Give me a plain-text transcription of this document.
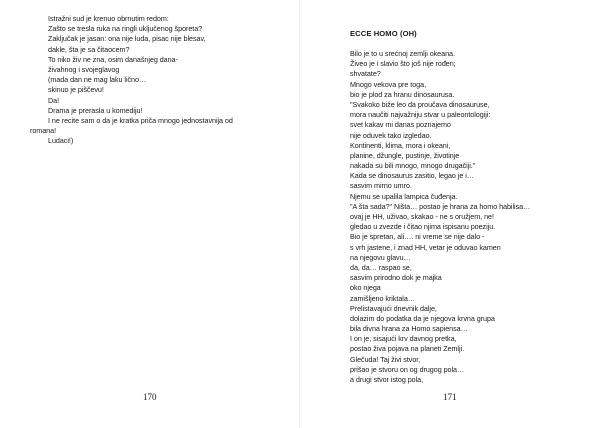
Istražni sud je krenuo obrnutim redom:
Zašto se tresla ruka na ringli uključenog šporeta?
Zaključak je jasan: ona nije luda, pisac nije blesav,
dakle, šta je sa čitaocem?
To niko živ ne zna, osim današnjeg dana-
živahnog i svojeglavog
(mada dan ne mag laku lično…
skinuo je piščevu!
Da!
Drama je prerasla u komediju!
I ne recite sam o da je kratka priča mnogo jednostavnija od
romana!
Ludaci!)
170
ECCE HOMO (OH)
Bilo je to u srećnoj zemlji okeana.
Živeo je i slavio što još nije rođen;
shvatate?
Mnogo vekova pre toga,
bio je plod za hranu dinosaurusa.
"Svakoko biže leo da proučava dinosauruse,
mora naučiti najvažniju stvar u paleontologiji:
svet kakav mi danas poznajemo
nije oduvek tako izgledao.
Kontinenti, klima, mora i okeani,
planine, džungle, pustinje, životinje
nakada su bili mnogo, mnogo drugačiji."
Kada se dinosaurus zasitio, legao je i…
sasvim mirno umro.
Njemu se upalila lampica čuđenja.
"A šta sada?" Ništa… postao je hrana za homo habilisa…
ovaj je HH, uživao, skakao - ne s oružjem, ne!
gledao u zvezde i čitao njima ispisanu poeziju.
Bio je spretan, ali…. ni vreme se nije dalo -
s vrh jastene, i znad HH, vetar je oduvao kamen
na njegovu glavu…
da, da… raspao se,
sasvim prirodno dok je majka
oko njega
zamišljeno kriktala…
Prelistavajući dnevnik dalje,
dolazim do podatka da je njegova krvna grupa
bila divna hrana za Homo sapiensa…
I on je, sisajući krv davnog pretka,
postao živa pojava na planeti Zemlji.
Glečuda! Taj živi stvor,
prišao je stvoru on og drugog pola…
a drugi stvor istog pola,
171
